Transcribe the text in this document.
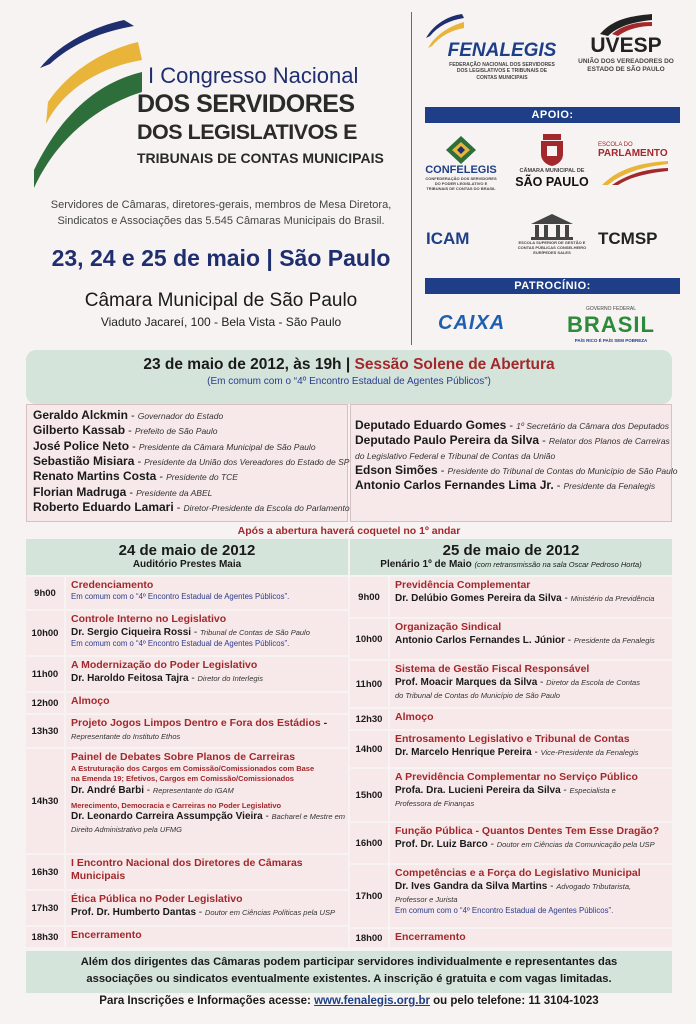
I Congresso Nacional
DOS SERVIDORES
DOS LEGISLATIVOS E
TRIBUNAIS DE CONTAS MUNICIPAIS
Servidores de Câmaras, diretores-gerais, membros de Mesa Diretora, Sindicatos e Associações das 5.545 Câmaras Municipais do Brasil.
23, 24 e 25 de maio | São Paulo
Câmara Municipal de São Paulo
Viaduto Jacareí, 100 - Bela Vista - São Paulo
FENALEGIS
FEDERAÇÃO NACIONAL DOS SERVIDORES DOS LEGISLATIVOS E TRIBUNAIS DE CONTAS MUNICIPAIS
UVESP
UNIÃO DOS VEREADORES DO ESTADO DE SÃO PAULO
APOIO:
CONFELEGIS
CONFEDERAÇÃO DOS SERVIDORES DO PODER LEGISLATIVO E TRIBUNAIS DE CONTAS DO BRASIL
CÂMARA MUNICIPAL DE
SÃO PAULO
ESCOLA DO
PARLAMENTO
ICAM	ESCOLA SUPERIOR DE GESTÃO E CONTAS PÚBLICAS CONSELHEIRO EURÍPEDES SALES
TCMSP
PATROCÍNIO:
CAIXA
GOVERNO FEDERAL
BRASIL
PAÍS RICO É PAÍS SEM POBREZA
23 de maio de 2012, às 19h | Sessão Solene de Abertura
(Em comum com o “4º Encontro Estadual de Agentes Públicos”)
Geraldo Alckmin - Governador do Estado
Gilberto Kassab - Prefeito de São Paulo
José Police Neto - Presidente da Câmara Municipal de São Paulo
Sebastião Misiara - Presidente da União dos Vereadores do Estado de SP
Renato Martins Costa - Presidente do TCE
Florian Madruga - Presidente da ABEL
Roberto Eduardo Lamari - Diretor-Presidente da Escola do Parlamento
Deputado Eduardo Gomes - 1º Secretário da Câmara dos Deputados
Deputado Paulo Pereira da Silva - Relator dos Planos de Carreiras
do Legislativo Federal e Tribunal de Contas da União
Edson Simões - Presidente do Tribunal de Contas do Município de São Paulo
Antonio Carlos Fernandes Lima Jr. - Presidente da Fenalegis
Após a abertura haverá coquetel no 1º andar
24 de maio de 2012
Auditório Prestes Maia
9h00
Credenciamento
Em comum com o “4º Encontro Estadual de Agentes Públicos”.
10h00
Controle Interno no Legislativo
Dr. Sergio Ciqueira Rossi - Tribunal de Contas de São Paulo
Em comum com o “4º Encontro Estadual de Agentes Públicos”.
11h00
A Modernização do Poder Legislativo
Dr. Haroldo Feitosa Tajra - Diretor do Interlegis
12h00	Almoço
13h30
Projeto Jogos Limpos Dentro e Fora dos Estádios -
Representante do Instituto Ethos
14h30
Painel de Debates Sobre Planos de Carreiras
A Estruturação dos Cargos em Comissão/Comissionados com Base
na Emenda 19; Efetivos, Cargos em Comissão/Comissionados
Dr. André Barbi - Representante do IGAM
Merecimento, Democracia e Carreiras no Poder Legislativo
Dr. Leonardo Carreira Assumpção Vieira - Bacharel e Mestre em
Direito Administrativo pela UFMG
16h30
I Encontro Nacional dos Diretores de Câmaras
Municipais
17h30
Ética Pública no Poder Legislativo
Prof. Dr. Humberto Dantas - Doutor em Ciências Políticas pela USP
18h30	Encerramento
25 de maio de 2012
Plenário 1º de Maio (com retransmissão na sala Oscar Pedroso Horta)
9h00
Previdência Complementar
Dr. Delúbio Gomes Pereira da Silva - Ministério da Previdência
10h00
Organização Sindical
Antonio Carlos Fernandes L. Júnior - Presidente da Fenalegis
11h00
Sistema de Gestão Fiscal Responsável
Prof. Moacir Marques da Silva - Diretor da Escola de Contas
do Tribunal de Contas do Município de São Paulo
12h30	Almoço
14h00
Entrosamento Legislativo e Tribunal de Contas
Dr. Marcelo Henrique Pereira - Vice-Presidente da Fenalegis
15h00
A Previdência Complementar no Serviço Público
Profa. Dra. Lucieni Pereira da Silva - Especialista e
Professora de Finanças
16h00
Função Pública - Quantos Dentes Tem Esse Dragão?
Prof. Dr. Luiz Barco - Doutor em Ciências da Comunicação pela USP
17h00
Competências e a Força do Legislativo Municipal
Dr. Ives Gandra da Silva Martins - Advogado Tributarista,
Professor e Jurista
Em comum com o “4º Encontro Estadual de Agentes Públicos”.
18h00	Encerramento
Além dos dirigentes das Câmaras podem participar servidores individualmente e representantes das
associações ou sindicatos eventualmente existentes. A inscrição é gratuita e com vagas limitadas.
Para Inscrições e Informações acesse: www.fenalegis.org.br ou pelo telefone: 11 3104-1023
